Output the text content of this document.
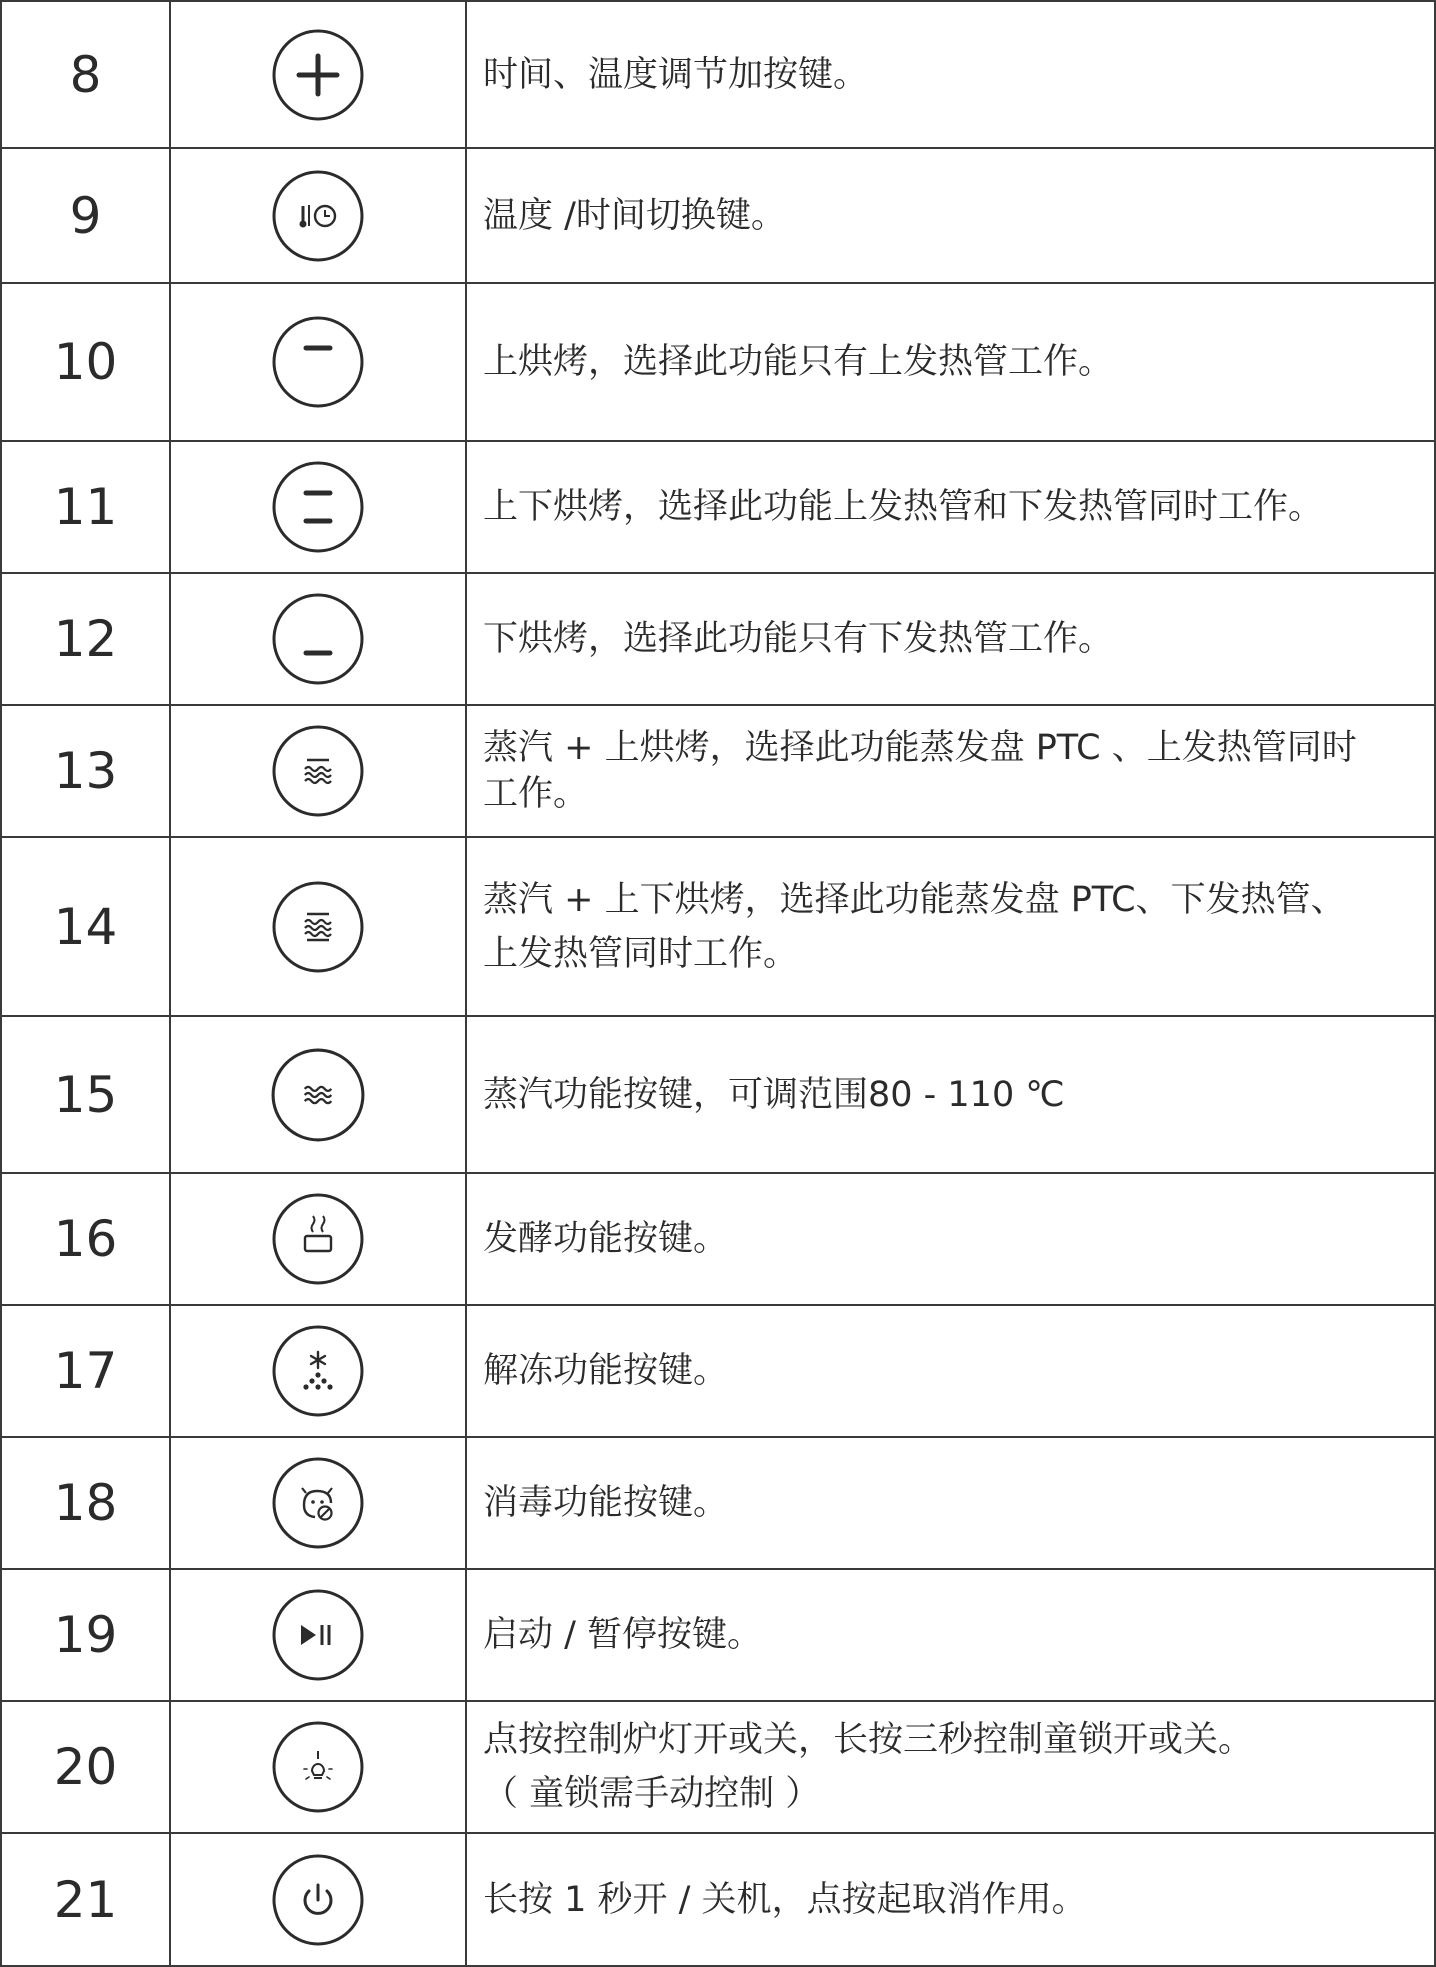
8		时间、温度调节加按键。

9		温度 /时间切换键。

10		上烘烤，选择此功能只有上发热管工作。

11		上下烘烤，选择此功能上发热管和下发热管同时工作。

12		下烘烤，选择此功能只有下发热管工作。

13		蒸汽 + 上烘烤，选择此功能蒸发盘 PTC 、上发热管同时
工作。

14		蒸汽 + 上下烘烤，选择此功能蒸发盘 PTC、下发热管、
上发热管同时工作。

15		蒸汽功能按键，可调范围80 - 110 ℃

16		发酵功能按键。

17		解冻功能按键。

18		消毒功能按键。

19		启动 / 暂停按键。

20		点按控制炉灯开或关，长按三秒控制童锁开或关。
（ 童锁需手动控制 ）

21		长按 1 秒开 / 关机，点按起取消作用。
